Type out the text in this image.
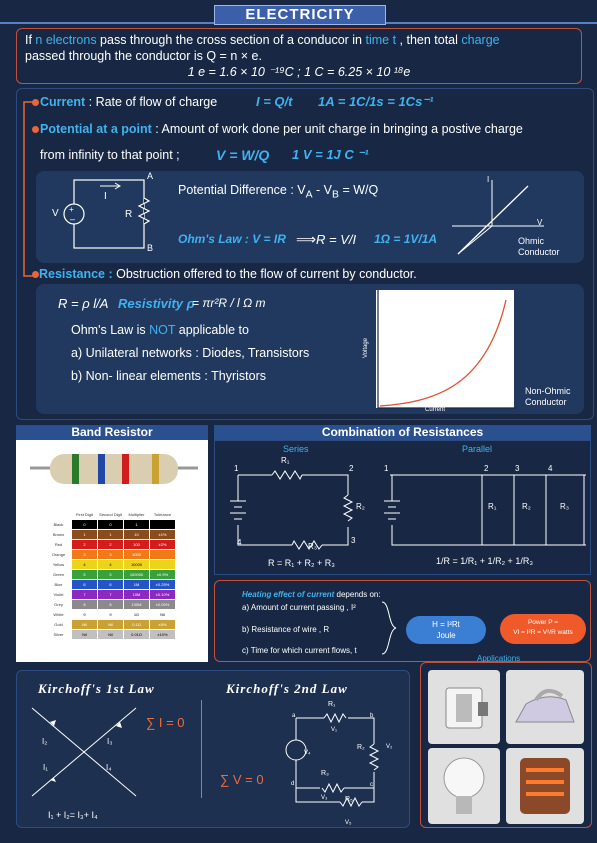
ELECTRICITY
If n electrons pass through the cross section of a conducor in time t , then total charge
passed through the conductor is Q = n × e.
1 e = 1.6 × 10 ⁻¹⁹C ; 1 C = 6.25 × 10 ¹⁸e
Current : Rate of flow of charge	I = Q/t 1A = 1C/1s = 1Cs⁻¹
Potential at a point : Amount of work done per unit charge in bringing a postive charge
from infinity to that point ;	V = W/Q 1 V = 1J C ⁻¹
+
–
V
I
R
A
B
Potential Difference : $V_A - V_B = W/Q$
Ohm's Law : V = IR ⟹ R = V/I 1Ω = 1V/1A
I
V
Ohmic
Conductor
Resistance : Obstruction offered to the flow of current by conductor.
R = ρ l/A Resistivity ρ
= πr²R / l Ω m
Ohm's Law is NOT applicable to
a) Unilateral networks : Diodes, Transistors
b) Non- linear elements : Thyristors
Voltage
Current
Non-Ohmic
Conductor
Band Resistor
	First Digit	Second Digit	Multiplier	Tolerance
Black	0	0	1	
Brown	1	1	10	±1%
Red	2	2	100	±2%
Orange	3	3	1000	
Yellow	4	4	10000	
Green	5	5	100000	±0.5%
Blue	6	6	1M	±0.25%
Violet	7	7	10M	±0.10%
Grey	8	8	100M	±0.05%
White	9	9	1G	Nil
Gold	Nil	Nil	0.1Ω	±5%
Silver	Nil	Nil	0.01Ω	±10%
Combination of Resistances
Series	Parallel
1	2
3
4
R₁
R₂
R₃
R = R₁ + R₂ + R₃
2	3	4
1
R₁	R₂	R₃
1/R = 1/R₁ + 1/R₂ + 1/R₃
Heating effect of current depends on:
a) Amount of current passing , I²
b) Resistance of wire , R
c) Time for which current flows, t
H = I²Rt
Joule
Power P =
VI = I²R = V²/R watts
Applications
Kirchoff's 1st Law	Kirchoff's 2nd Law
I₂	I₃
I₁	I₄
∑ I = 0
I₁ + I₂= I₃+ I₄
∑ V = 0
a	b
c
d
R₁
V₁
R₂	V₂
R₃
V₃
V₄
R₅
V₅
